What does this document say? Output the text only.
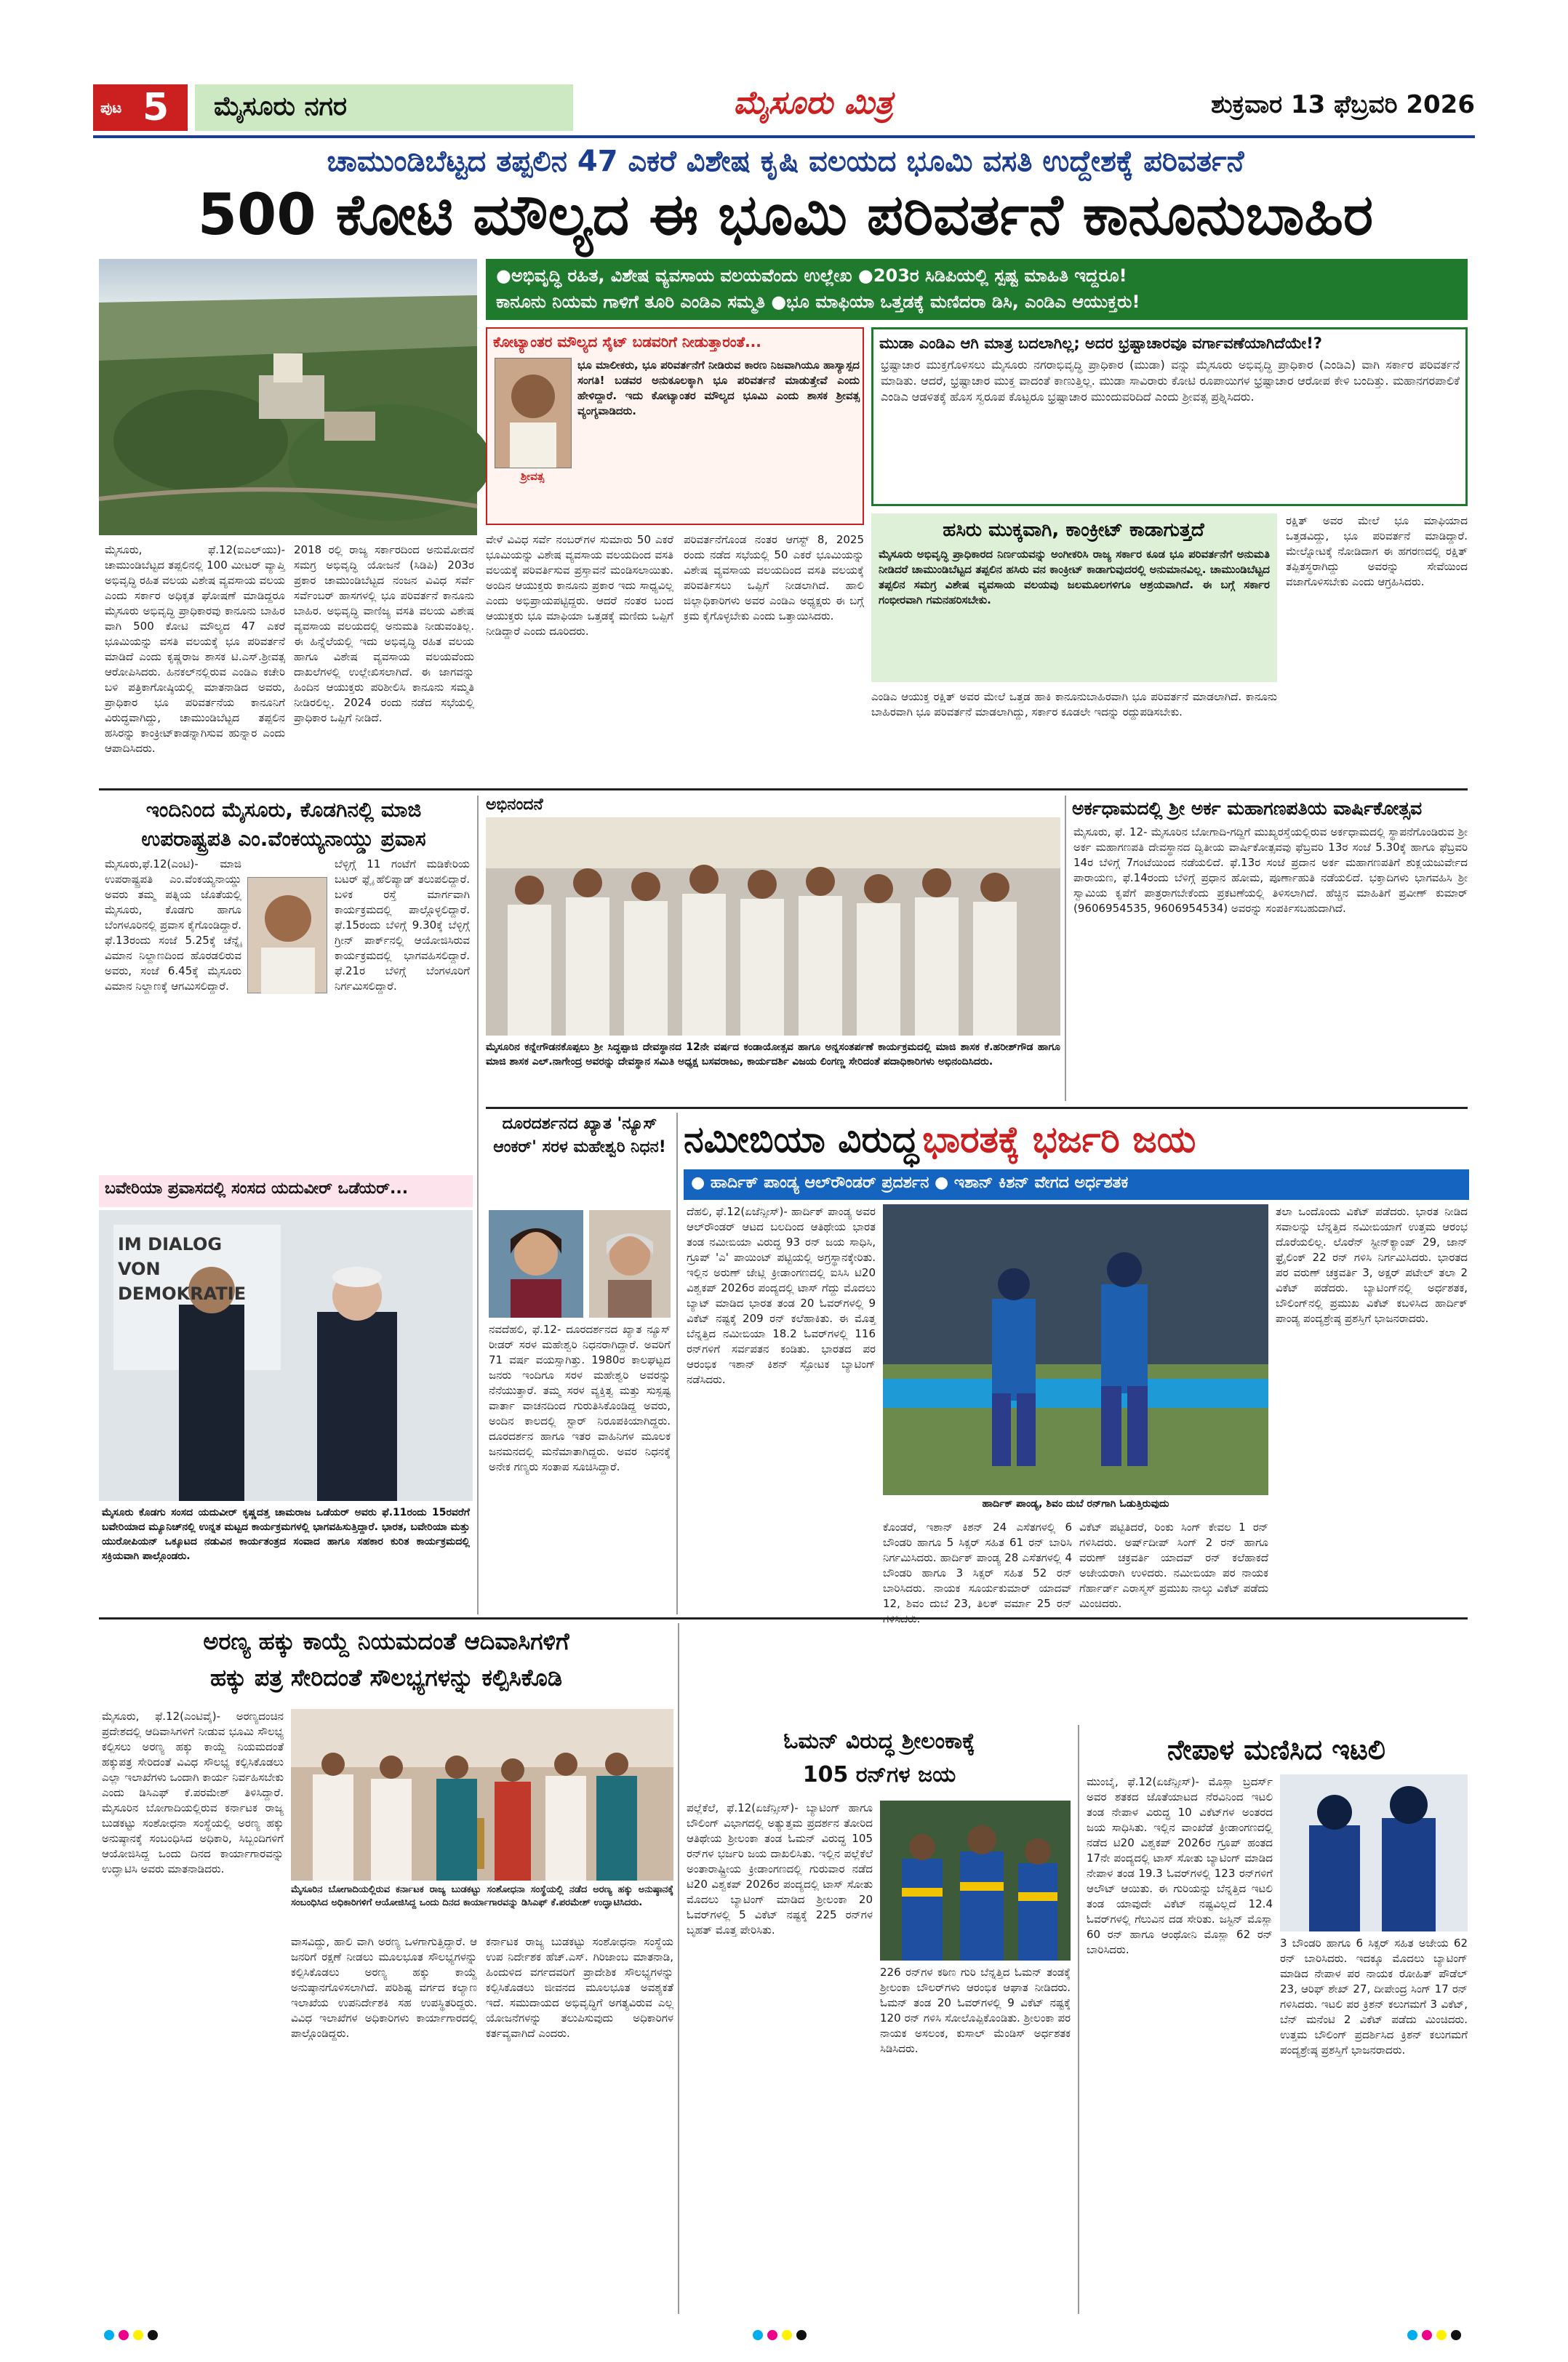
ಪುಟ 5 ಮೈಸೂರು ನಗರ	ಮೈಸೂರು ಮಿತ್ರ	ಶುಕ್ರವಾರ 13 ಫೆಬ್ರವರಿ 2026
ಚಾಮುಂಡಿಬೆಟ್ಟದ ತಪ್ಪಲಿನ 47 ಎಕರೆ ವಿಶೇಷ ಕೃಷಿ ವಲಯದ ಭೂಮಿ ವಸತಿ ಉದ್ದೇಶಕ್ಕೆ ಪರಿವರ್ತನೆ
500 ಕೋಟಿ ಮೌಲ್ಯದ ಈ ಭೂಮಿ ಪರಿವರ್ತನೆ ಕಾನೂನುಬಾಹಿರ
●ಅಭಿವೃದ್ಧಿ ರಹಿತ, ವಿಶೇಷ ವ್ಯವಸಾಯ ವಲಯವೆಂದು ಉಲ್ಲೇಖ ●203ರ ಸಿಡಿಪಿಯಲ್ಲಿ ಸ್ಪಷ್ಟ ಮಾಹಿತಿ ಇದ್ದರೂ!
ಕಾನೂನು ನಿಯಮ ಗಾಳಿಗೆ ತೂರಿ ಎಂಡಿಎ ಸಮ್ಮತಿ ●ಭೂ ಮಾಫಿಯಾ ಒತ್ತಡಕ್ಕೆ ಮಣಿದರಾ ಡಿಸಿ, ಎಂಡಿಎ ಆಯುಕ್ತರು!
ಕೋಟ್ಯಾಂತರ ಮೌಲ್ಯದ ಸೈಟ್ ಬಡವರಿಗೆ ನೀಡುತ್ತಾರಂತೆ...
ಶ್ರೀವತ್ಸ
ಭೂ ಮಾಲೀಕರು, ಭೂ ಪರಿವರ್ತನೆಗೆ ನೀಡಿರುವ ಕಾರಣ ನಿಜವಾಗಿಯೂ ಹಾಸ್ಯಾಸ್ಪದ ಸಂಗತಿ! ಬಡವರ ಅನುಕೂಲಕ್ಕಾಗಿ ಭೂ ಪರಿವರ್ತನೆ ಮಾಡುತ್ತೇವೆ ಎಂದು ಹೇಳಿದ್ದಾರೆ. ಇದು ಕೋಟ್ಯಾಂತರ ಮೌಲ್ಯದ ಭೂಮಿ ಎಂದು ಶಾಸಕ ಶ್ರೀವತ್ಸ ವ್ಯಂಗ್ಯವಾಡಿದರು.
ಮುಡಾ ಎಂಡಿಎ ಆಗಿ ಮಾತ್ರ ಬದಲಾಗಿಲ್ಲ; ಅದರ ಭ್ರಷ್ಟಾಚಾರವೂ ವರ್ಗಾವಣೆಯಾಗಿದೆಯೇ!?
ಭ್ರಷ್ಟಾಚಾರ ಮುಕ್ತಗೊಳಿಸಲು ಮೈಸೂರು ನಗರಾಭಿವೃದ್ಧಿ ಪ್ರಾಧಿಕಾರ (ಮುಡಾ) ವನ್ನು ಮೈಸೂರು ಅಭಿವೃದ್ಧಿ ಪ್ರಾಧಿಕಾರ (ಎಂಡಿಎ) ವಾಗಿ ಸರ್ಕಾರ ಪರಿವರ್ತನೆ ಮಾಡಿತು. ಆದರೆ, ಭ್ರಷ್ಟಾಚಾರ ಮುಕ್ತ ವಾದಂತೆ ಕಾಣುತ್ತಿಲ್ಲ. ಮುಡಾ ಸಾವಿರಾರು ಕೋಟಿ ರೂಪಾಯಿಗಳ ಭ್ರಷ್ಟಾಚಾರ ಆರೋಪ ಕೇಳಿ ಬಂದಿತ್ತು. ಮಹಾನಗರಪಾಲಿಕೆ ಎಂಡಿಎ ಆಡಳಿತಕ್ಕೆ ಹೊಸ ಸ್ವರೂಪ ಕೊಟ್ಟರೂ ಭ್ರಷ್ಟಾಚಾರ ಮುಂದುವರಿದಿದೆ ಎಂದು ಶ್ರೀವತ್ಸ ಪ್ರಶ್ನಿಸಿದರು.
ಮೈಸೂರು, ಫೆ.12(ಐಎಲ್‌ಯು)- ಚಾಮುಂಡಿಬೆಟ್ಟದ ತಪ್ಪಲಿನಲ್ಲಿ 100 ಮೀಟರ್ ವ್ಯಾಪ್ತಿ ಅಭಿವೃದ್ಧಿ ರಹಿತ ವಲಯ ವಿಶೇಷ ವ್ಯವಸಾಯ ವಲಯ ಎಂದು ಸರ್ಕಾರ ಅಧಿಕೃತ ಘೋಷಣೆ ಮಾಡಿದ್ದರೂ ಮೈಸೂರು ಅಭಿವೃದ್ಧಿ ಪ್ರಾಧಿಕಾರವು ಕಾನೂನು ಬಾಹಿರ ವಾಗಿ 500 ಕೋಟಿ ಮೌಲ್ಯದ 47 ಎಕರೆ ಭೂಮಿಯನ್ನು ವಸತಿ ವಲಯಕ್ಕೆ ಭೂ ಪರಿವರ್ತನೆ ಮಾಡಿದೆ ಎಂದು ಕೃಷ್ಣರಾಜ ಶಾಸಕ ಟಿ.ಎಸ್.ಶ್ರೀವತ್ಸ ಆರೋಪಿಸಿದರು. ಹಿನಕಲ್‌ನಲ್ಲಿರುವ ಎಂಡಿಎ ಕಚೇರಿ ಬಳಿ ಪತ್ರಿಕಾಗೋಷ್ಠಿಯಲ್ಲಿ ಮಾತನಾಡಿದ ಅವರು, ಪ್ರಾಧಿಕಾರ ಭೂ ಪರಿವರ್ತನೆಯ ಕಾನೂನಿಗೆ ವಿರುದ್ಧವಾಗಿದ್ದು, ಚಾಮುಂಡಿಬೆಟ್ಟದ ತಪ್ಪಲಿನ ಹಸಿರನ್ನು ಕಾಂಕ್ರೀಟ್‌ಕಾಡನ್ನಾಗಿಸುವ ಹುನ್ನಾರ ಎಂದು ಆಪಾದಿಸಿದರು.
2018 ರಲ್ಲಿ ರಾಜ್ಯ ಸರ್ಕಾರದಿಂದ ಅನುಮೋದನೆ ಸಮಗ್ರ ಅಭಿವೃದ್ಧಿ ಯೋಜನೆ (ಸಿಡಿಪಿ) 203ರ ಪ್ರಕಾರ ಚಾಮುಂಡಿಬೆಟ್ಟದ ನಂಜನ ವಿವಿಧ ಸರ್ವೆ ಸರ್ವೆಂಬರ್ ಹಾಸಗಳಲ್ಲಿ ಭೂ ಪರಿವರ್ತನೆ ಕಾನೂನು ಬಾಹಿರ. ಅಭಿವೃದ್ಧಿ ವಾಣಿಜ್ಯ ವಸತಿ ವಲಯ ವಿಶೇಷ ವ್ಯವಸಾಯ ವಲಯದಲ್ಲಿ ಅನುಮತಿ ನೀಡುವಂತಿಲ್ಲ. ಈ ಹಿನ್ನೆಲೆಯಲ್ಲಿ ಇದು ಅಭಿವೃದ್ಧಿ ರಹಿತ ವಲಯ ಹಾಗೂ ವಿಶೇಷ ವ್ಯವಸಾಯ ವಲಯವೆಂದು ದಾಖಲೆಗಳಲ್ಲಿ ಉಲ್ಲೇಖಿಸಲಾಗಿದೆ. ಈ ಜಾಗವನ್ನು ಹಿಂದಿನ ಆಯುಕ್ತರು ಪರಿಶೀಲಿಸಿ ಕಾನೂನು ಸಮ್ಮತಿ ನೀಡಿರಲಿಲ್ಲ. 2024 ರಂದು ನಡೆದ ಸಭೆಯಲ್ಲಿ ಪ್ರಾಧಿಕಾರ ಒಪ್ಪಿಗೆ ನೀಡಿದೆ.
ವೇಳೆ ವಿವಿಧ ಸರ್ವೆ ನಂಬರ್‌ಗಳ ಸುಮಾರು 50 ಎಕರೆ ಭೂಮಿಯನ್ನು ವಿಶೇಷ ವ್ಯವಸಾಯ ವಲಯದಿಂದ ವಸತಿ ವಲಯಕ್ಕೆ ಪರಿವರ್ತಿಸುವ ಪ್ರಸ್ತಾವನೆ ಮಂಡಿಸಲಾಯಿತು. ಅಂದಿನ ಆಯುಕ್ತರು ಕಾನೂನು ಪ್ರಕಾರ ಇದು ಸಾಧ್ಯವಿಲ್ಲ ಎಂದು ಅಭಿಪ್ರಾಯಪಟ್ಟಿದ್ದರು. ಆದರೆ ನಂತರ ಬಂದ ಆಯುಕ್ತರು ಭೂ ಮಾಫಿಯಾ ಒತ್ತಡಕ್ಕೆ ಮಣಿದು ಒಪ್ಪಿಗೆ ನೀಡಿದ್ದಾರೆ ಎಂದು ದೂರಿದರು.
ಪರಿವರ್ತನೆಗೊಂಡ ನಂತರ ಆಗಸ್ಟ್ 8, 2025 ರಂದು ನಡೆದ ಸಭೆಯಲ್ಲಿ 50 ಎಕರೆ ಭೂಮಿಯನ್ನು ವಿಶೇಷ ವ್ಯವಸಾಯ ವಲಯದಿಂದ ವಸತಿ ವಲಯಕ್ಕೆ ಪರಿವರ್ತಿಸಲು ಒಪ್ಪಿಗೆ ನೀಡಲಾಗಿದೆ. ಹಾಲಿ ಜಿಲ್ಲಾಧಿಕಾರಿಗಳು ಅವರ ಎಂಡಿಎ ಅಧ್ಯಕ್ಷರು ಈ ಬಗ್ಗೆ ಕ್ರಮ ಕೈಗೊಳ್ಳಬೇಕು ಎಂದು ಒತ್ತಾಯಿಸಿದರು.
ಹಸಿರು ಮುಕ್ಕವಾಗಿ, ಕಾಂಕ್ರೀಟ್ ಕಾಡಾಗುತ್ತದೆ
ಮೈಸೂರು ಅಭಿವೃದ್ಧಿ ಪ್ರಾಧಿಕಾರದ ನಿರ್ಣಯವನ್ನು ಅಂಗೀಕರಿಸಿ ರಾಜ್ಯ ಸರ್ಕಾರ ಕೂಡ ಭೂ ಪರಿವರ್ತನೆಗೆ ಅನುಮತಿ ನೀಡಿದರೆ ಚಾಮುಂಡಿಬೆಟ್ಟದ ತಪ್ಪಲಿನ ಹಸಿರು ವನ ಕಾಂಕ್ರೀಟ್ ಕಾಡಾಗುವುದರಲ್ಲಿ ಅನುಮಾನವಿಲ್ಲ. ಚಾಮುಂಡಿಬೆಟ್ಟದ ತಪ್ಪಲಿನ ಸಮಗ್ರ ವಿಶೇಷ ವ್ಯವಸಾಯ ವಲಯವು ಜಲಮೂಲಗಳಿಗೂ ಆಶ್ರಯವಾಗಿದೆ. ಈ ಬಗ್ಗೆ ಸರ್ಕಾರ ಗಂಭೀರವಾಗಿ ಗಮನಹರಿಸಬೇಕು.
ರಕ್ಷಿತ್ ಅವರ ಮೇಲೆ ಭೂ ಮಾಫಿಯಾದ ಒತ್ತಡವಿದ್ದು, ಭೂ ಪರಿವರ್ತನೆ ಮಾಡಿದ್ದಾರೆ. ಮೇಲ್ನೋಟಕ್ಕೆ ನೋಡಿದಾಗ ಈ ಹಗರಣದಲ್ಲಿ ರಕ್ಷಿತ್ ತಪ್ಪಿತಸ್ಥರಾಗಿದ್ದು ಅವರನ್ನು ಸೇವೆಯಿಂದ ವಜಾಗೊಳಿಸಬೇಕು ಎಂದು ಆಗ್ರಹಿಸಿದರು.
ಎಂಡಿಎ ಆಯುಕ್ತ ರಕ್ಷಿತ್ ಅವರ ಮೇಲೆ ಒತ್ತಡ ಹಾಕಿ ಕಾನೂನುಬಾಹಿರವಾಗಿ ಭೂ ಪರಿವರ್ತನೆ ಮಾಡಲಾಗಿದೆ. ಕಾನೂನು ಬಾಹಿರವಾಗಿ ಭೂ ಪರಿವರ್ತನೆ ಮಾಡಲಾಗಿದ್ದು, ಸರ್ಕಾರ ಕೂಡಲೇ ಇದನ್ನು ರದ್ದುಪಡಿಸಬೇಕು.
ಇಂದಿನಿಂದ ಮೈಸೂರು, ಕೊಡಗಿನಲ್ಲಿ ಮಾಜಿ ಉಪರಾಷ್ಟ್ರಪತಿ ಎಂ.ವೆಂಕಯ್ಯನಾಯ್ಡು ಪ್ರವಾಸ
ಮೈಸೂರು,ಫೆ.12(ಎಂಟಿ)- ಮಾಜಿ ಉಪರಾಷ್ಟ್ರಪತಿ ಎಂ.ವೆಂಕಯ್ಯನಾಯ್ಡು ಅವರು ತಮ್ಮ ಪತ್ನಿಯ ಜೊತೆಯಲ್ಲಿ ಮೈಸೂರು, ಕೊಡಗು ಹಾಗೂ ಬೆಂಗಳೂರಿನಲ್ಲಿ ಪ್ರವಾಸ ಕೈಗೊಂಡಿದ್ದಾರೆ. ಫೆ.13ರಂದು ಸಂಜೆ 5.25ಕ್ಕೆ ಚೆನ್ನೈ ವಿಮಾನ ನಿಲ್ದಾಣದಿಂದ ಹೊರಡಲಿರುವ ಅವರು, ಸಂಜೆ 6.45ಕ್ಕೆ ಮೈಸೂರು ವಿಮಾನ ನಿಲ್ದಾಣಕ್ಕೆ ಆಗಮಿಸಲಿದ್ದಾರೆ.
ಬೆಳ್ಳಿಗ್ಗೆ 11 ಗಂಟೆಗೆ ಮಡಿಕೇರಿಯ ಬಟರ್ ಫ್ಲೈ ಹೆಲಿಪ್ಯಾಡ್ ತಲುಪಲಿದ್ದಾರೆ. ಬಳಿಕ ರಸ್ತೆ ಮಾರ್ಗವಾಗಿ ಕಾರ್ಯಕ್ರಮದಲ್ಲಿ ಪಾಲ್ಗೊಳ್ಳಲಿದ್ದಾರೆ. ಫೆ.15ರಂದು ಬೆಳಿಗ್ಗೆ 9.30ಕ್ಕೆ ಬೆಳ್ಳಿಗ್ಗೆ ಗ್ರೀನ್ ಪಾರ್ಕ್‌ನಲ್ಲಿ ಆಯೋಜಿಸಿರುವ ಕಾರ್ಯಕ್ರಮದಲ್ಲಿ ಭಾಗವಹಿಸಲಿದ್ದಾರೆ. ಫೆ.21ರ ಬೆಳಿಗ್ಗೆ ಬೆಂಗಳೂರಿಗೆ ನಿರ್ಗಮಿಸಲಿದ್ದಾರೆ.
ಬವೇರಿಯಾ ಪ್ರವಾಸದಲ್ಲಿ ಸಂಸದ ಯದುವೀರ್ ಒಡೆಯರ್...
IM DIALOG VON DEMOKRATIE
ಮೈಸೂರು ಕೊಡಗು ಸಂಸದ ಯದುವೀರ್ ಕೃಷ್ಣದತ್ತ ಚಾಮರಾಜ ಒಡೆಯರ್ ಅವರು ಫೆ.11ರಂದು 15ರವರೆಗೆ ಬವೇರಿಯಾದ ಮ್ಯೂನಿಚ್‌ನಲ್ಲಿ ಉನ್ನತ ಮಟ್ಟದ ಕಾರ್ಯಕ್ರಮಗಳಲ್ಲಿ ಭಾಗವಹಿಸುತ್ತಿದ್ದಾರೆ. ಭಾರತ, ಬವೇರಿಯಾ ಮತ್ತು ಯುರೋಪಿಯನ್ ಒಕ್ಕೂಟದ ನಡುವಿನ ಕಾರ್ಯತಂತ್ರದ ಸಂವಾದ ಹಾಗೂ ಸಹಕಾರ ಕುರಿತ ಕಾರ್ಯಕ್ರಮದಲ್ಲಿ ಸಕ್ರಿಯವಾಗಿ ಪಾಲ್ಗೊಂಡರು.
ಅಭಿನಂದನೆ
ಮೈಸೂರಿನ ಕನ್ನೇಗೌಡನಕೊಪ್ಪಲು ಶ್ರೀ ಸಿದ್ಧಪ್ಪಾಜಿ ದೇವಸ್ಥಾನದ 12ನೇ ವರ್ಷದ ಕಂಡಾಯೋತ್ಸವ ಹಾಗೂ ಅನ್ನಸಂತರ್ಪಣೆ ಕಾರ್ಯಕ್ರಮದಲ್ಲಿ ಮಾಜಿ ಶಾಸಕ ಕೆ.ಹರೀಶ್‌ಗೌಡ ಹಾಗೂ ಮಾಜಿ ಶಾಸಕ ಎಲ್.ನಾಗೇಂದ್ರ ಅವರನ್ನು ದೇವಸ್ಥಾನ ಸಮಿತಿ ಅಧ್ಯಕ್ಷ ಬಸವರಾಜು, ಕಾರ್ಯದರ್ಶಿ ವಿಜಯ ಲಿಂಗಣ್ಣ ಸೇರಿದಂತೆ ಪದಾಧಿಕಾರಿಗಳು ಅಭಿನಂದಿಸಿದರು.
ಅರ್ಕಧಾಮದಲ್ಲಿ ಶ್ರೀ ಅರ್ಕ ಮಹಾಗಣಪತಿಯ ವಾರ್ಷಿಕೋತ್ಸವ
ಮೈಸೂರು, ಫೆ. 12- ಮೈಸೂರಿನ ಬೋಗಾದಿ-ಗದ್ದಿಗೆ ಮುಖ್ಯರಸ್ತೆಯಲ್ಲಿರುವ ಅರ್ಕಧಾಮದಲ್ಲಿ ಸ್ಥಾಪನೆಗೊಂಡಿರುವ ಶ್ರೀ ಅರ್ಕ ಮಹಾಗಣಪತಿ ದೇವಸ್ಥಾನದ ದ್ವಿತೀಯ ವಾರ್ಷಿಕೋತ್ಸವವು ಫೆಬ್ರವರಿ 13ರ ಸಂಜೆ 5.30ಕ್ಕೆ ಹಾಗೂ ಫೆಬ್ರವರಿ 14ರ ಬೆಳಿಗ್ಗೆ 7ಗಂಟೆಯಿಂದ ನಡೆಯಲಿದೆ. ಫೆ.13ರ ಸಂಜೆ ಪ್ರದಾನ ಅರ್ಕ ಮಹಾಗಣಪತಿಗೆ ಶುಕ್ಲಯಜುರ್ವೇದ ಪಾರಾಯಣ, ಫೆ.14ರಂದು ಬೆಳಿಗ್ಗೆ ಪ್ರಧಾನ ಹೋಮ, ಪೂರ್ಣಾಹುತಿ ನಡೆಯಲಿದೆ. ಭಕ್ತಾದಿಗಳು ಭಾಗವಹಿಸಿ ಶ್ರೀ ಸ್ವಾಮಿಯ ಕೃಪೆಗೆ ಪಾತ್ರರಾಗಬೇಕೆಂದು ಪ್ರಕಟಣೆಯಲ್ಲಿ ತಿಳಿಸಲಾಗಿದೆ. ಹೆಚ್ಚಿನ ಮಾಹಿತಿಗೆ ಪ್ರವೀಣ್ ಕುಮಾರ್ (9606954535, 9606954534) ಅವರನ್ನು ಸಂಪರ್ಕಿಸಬಹುದಾಗಿದೆ.
ದೂರದರ್ಶನದ ಖ್ಯಾತ 'ನ್ಯೂಸ್ ಆಂಕರ್' ಸರಳ ಮಹೇಶ್ವರಿ ನಿಧನ!
ನವದೆಹಲಿ, ಫೆ.12- ದೂರದರ್ಶನದ ಖ್ಯಾತ ನ್ಯೂಸ್ ರೀಡರ್ ಸರಳ ಮಹೇಶ್ವರಿ ನಿಧನರಾಗಿದ್ದಾರೆ. ಅವರಿಗೆ 71 ವರ್ಷ ವಯಸ್ಸಾಗಿತ್ತು. 1980ರ ಕಾಲಘಟ್ಟದ ಜನರು ಇಂದಿಗೂ ಸರಳ ಮಹೇಶ್ವರಿ ಅವರನ್ನು ನೆನೆಯುತ್ತಾರೆ. ತಮ್ಮ ಸರಳ ವ್ಯಕ್ತಿತ್ವ ಮತ್ತು ಸುಸ್ಪಷ್ಟ ವಾರ್ತಾ ವಾಚನದಿಂದ ಗುರುತಿಸಿಕೊಂಡಿದ್ದ ಅವರು, ಅಂದಿನ ಕಾಲದಲ್ಲಿ ಸ್ಟಾರ್ ನಿರೂಪಕಿಯಾಗಿದ್ದರು. ದೂರದರ್ಶನ ಹಾಗೂ ಇತರ ವಾಹಿನಿಗಳ ಮೂಲಕ ಜನಮನದಲ್ಲಿ ಮನೆಮಾತಾಗಿದ್ದರು. ಅವರ ನಿಧನಕ್ಕೆ ಅನೇಕ ಗಣ್ಯರು ಸಂತಾಪ ಸೂಚಿಸಿದ್ದಾರೆ.
ನಮೀಬಿಯಾ ವಿರುದ್ಧ ಭಾರತಕ್ಕೆ ಭರ್ಜರಿ ಜಯ
● ಹಾರ್ದಿಕ್ ಪಾಂಡ್ಯ ಆಲ್‌ರೌಂಡರ್ ಪ್ರದರ್ಶನ ● ಇಶಾನ್ ಕಿಶನ್ ವೇಗದ ಅರ್ಧಶತಕ
ದೆಹಲಿ, ಫೆ.12(ಏಜೆನ್ಸೀಸ್)- ಹಾರ್ದಿಕ್ ಪಾಂಡ್ಯ ಅವರ ಆಲ್‌ರೌಂಡರ್ ಆಟದ ಬಲದಿಂದ ಆತಿಥೇಯ ಭಾರತ ತಂಡ ನಮೀಬಿಯಾ ವಿರುದ್ಧ 93 ರನ್ ಜಯ ಸಾಧಿಸಿ, ಗ್ರೂಪ್ 'ಎ' ಪಾಯಿಂಟ್ ಪಟ್ಟಿಯಲ್ಲಿ ಅಗ್ರಸ್ಥಾನಕ್ಕೇರಿತು. ಇಲ್ಲಿನ ಅರುಣ್ ಜೇಟ್ಲಿ ಕ್ರೀಡಾಂಗಣದಲ್ಲಿ ಐಸಿಸಿ ಟಿ20 ವಿಶ್ವಕಪ್ 2026ರ ಪಂದ್ಯದಲ್ಲಿ ಟಾಸ್ ಗೆದ್ದು ಮೊದಲು ಬ್ಯಾಟ್ ಮಾಡಿದ ಭಾರತ ತಂಡ 20 ಓವರ್‌ಗಳಲ್ಲಿ 9 ವಿಕೆಟ್ ನಷ್ಟಕ್ಕೆ 209 ರನ್ ಕಲೆಹಾಕಿತು. ಈ ಮೊತ್ತ ಬೆನ್ನತ್ತಿದ ನಮೀಬಿಯಾ 18.2 ಓವರ್‌ಗಳಲ್ಲಿ 116 ರನ್‌ಗಳಿಗೆ ಸರ್ವಪತನ ಕಂಡಿತು. ಭಾರತದ ಪರ ಆರಂಭಿಕ ಇಶಾನ್ ಕಿಶನ್ ಸ್ಫೋಟಕ ಬ್ಯಾಟಿಂಗ್ ನಡೆಸಿದರು.
ಹಾರ್ದಿಕ್ ಪಾಂಡ್ಯ, ಶಿವಂ ದುಬೆ ರನ್‌ಗಾಗಿ ಓಡುತ್ತಿರುವುದು
ಕೊಂಡರೆ, ಇಶಾನ್ ಕಿಶನ್ 24 ಎಸೆತಗಳಲ್ಲಿ 6 ಬೌಂಡರಿ ಹಾಗೂ 5 ಸಿಕ್ಸರ್ ಸಹಿತ 61 ರನ್ ಬಾರಿಸಿ ನಿರ್ಗಮಿಸಿದರು. ಹಾರ್ದಿಕ್ ಪಾಂಡ್ಯ 28 ಎಸೆತಗಳಲ್ಲಿ 4 ಬೌಂಡರಿ ಹಾಗೂ 3 ಸಿಕ್ಸರ್ ಸಹಿತ 52 ರನ್ ಬಾರಿಸಿದರು. ನಾಯಕ ಸೂರ್ಯಕುಮಾರ್ ಯಾದವ್ 12, ಶಿವಂ ದುಬೆ 23, ತಿಲಕ್ ವರ್ಮಾ 25 ರನ್
ವಿಕೆಟ್ ಪಟ್ಟಿತಿದರೆ, ರಿಂಕು ಸಿಂಗ್ ಕೇವಲ 1 ರನ್ ಗಳಿಸಿದರು. ಅರ್ಷ್‌ದೀಪ್ ಸಿಂಗ್ 2 ರನ್ ಹಾಗೂ ವರುಣ್ ಚಕ್ರವರ್ತಿ ಯಾದವ್ ರನ್ ಕಲೆಹಾಕದೆ ಅಜೇಯರಾಗಿ ಉಳಿದರು. ನಮೀಬಿಯಾ ಪರ ನಾಯಕ ಗೆರ್ಹಾರ್ಡ್ ಎರಾಸ್ಮಸ್ ಪ್ರಮುಖ ನಾಲ್ಕು ವಿಕೆಟ್ ಪಡೆದು ಮಿಂಚಿದರು.
ತಲಾ ಒಂದೊಂದು ವಿಕೆಟ್ ಪಡೆದರು. ಭಾರತ ನೀಡಿದ ಸವಾಲನ್ನು ಬೆನ್ನತ್ತಿದ ನಮೀಬಿಯಾಗೆ ಉತ್ತಮ ಆರಂಭ ದೊರೆಯಲಿಲ್ಲ. ಲೊರೆನ್ ಸ್ಟೀನ್‌ಕ್ಯಾಂಪ್ 29, ಜಾನ್ ಫ್ರೈಲಿಂಕ್ 22 ರನ್ ಗಳಿಸಿ ನಿರ್ಗಮಿಸಿದರು. ಭಾರತದ ಪರ ವರುಣ್ ಚಕ್ರವರ್ತಿ 3, ಅಕ್ಷರ್ ಪಟೇಲ್ ತಲಾ 2 ವಿಕೆಟ್ ಪಡೆದರು. ಬ್ಯಾಟಿಂಗ್‌ನಲ್ಲಿ ಅರ್ಧಶತಕ, ಬೌಲಿಂಗ್‌ನಲ್ಲಿ ಪ್ರಮುಖ ವಿಕೆಟ್ ಕಬಳಿಸಿದ ಹಾರ್ದಿಕ್ ಪಾಂಡ್ಯ ಪಂದ್ಯಶ್ರೇಷ್ಠ ಪ್ರಶಸ್ತಿಗೆ ಭಾಜನರಾದರು.
ಅರಣ್ಯ ಹಕ್ಕು ಕಾಯ್ದೆ ನಿಯಮದಂತೆ ಆದಿವಾಸಿಗಳಿಗೆ
ಹಕ್ಕು ಪತ್ರ ಸೇರಿದಂತೆ ಸೌಲಭ್ಯಗಳನ್ನು ಕಲ್ಪಿಸಿಕೊಡಿ
ಮೈಸೂರು, ಫೆ.12(ಎಂಟಿವೈ)- ಅರಣ್ಯದಂಚಿನ ಪ್ರದೇಶದಲ್ಲಿ ಆದಿವಾಸಿಗಳಿಗೆ ನೀಡುವ ಭೂಮಿ ಸೌಲಭ್ಯ ಕಲ್ಪಿಸಲು ಅರಣ್ಯ ಹಕ್ಕು ಕಾಯ್ದೆ ನಿಯಮದಂತೆ ಹಕ್ಕುಪತ್ರ ಸೇರಿದಂತೆ ವಿವಿಧ ಸೌಲಭ್ಯ ಕಲ್ಪಿಸಿಕೊಡಲು ಎಲ್ಲಾ ಇಲಾಖೆಗಳು ಒಂದಾಗಿ ಕಾರ್ಯ ನಿರ್ವಹಿಸಬೇಕು ಎಂದು ಡಿಸಿಎಫ್ ಕೆ.ಪರಮೇಶ್ ತಿಳಿಸಿದ್ದಾರೆ. ಮೈಸೂರಿನ ಬೋಗಾದಿಯಲ್ಲಿರುವ ಕರ್ನಾಟಕ ರಾಜ್ಯ ಬುಡಕಟ್ಟು ಸಂಶೋಧನಾ ಸಂಸ್ಥೆಯಲ್ಲಿ ಅರಣ್ಯ ಹಕ್ಕು ಅನುಷ್ಠಾನಕ್ಕೆ ಸಂಬಂಧಿಸಿದ ಅಧಿಕಾರಿ, ಸಿಬ್ಬಂದಿಗಳಿಗೆ ಆಯೋಜಿಸಿದ್ದ ಒಂದು ದಿನದ ಕಾರ್ಯಾಗಾರವನ್ನು ಉದ್ಘಾಟಿಸಿ ಅವರು ಮಾತನಾಡಿದರು.
ಮೈಸೂರಿನ ಬೋಗಾದಿಯಲ್ಲಿರುವ ಕರ್ನಾಟಕ ರಾಜ್ಯ ಬುಡಕಟ್ಟು ಸಂಶೋಧನಾ ಸಂಸ್ಥೆಯಲ್ಲಿ ನಡೆದ ಅರಣ್ಯ ಹಕ್ಕು ಅನುಷ್ಠಾನಕ್ಕೆ ಸಂಬಂಧಿಸಿದ ಅಧಿಕಾರಿಗಳಿಗೆ ಆಯೋಜಿಸಿದ್ದ ಒಂದು ದಿನದ ಕಾರ್ಯಾಗಾರವನ್ನು ಡಿಸಿಎಫ್ ಕೆ.ಪರಮೇಶ್ ಉದ್ಘಾಟಿಸಿದರು.
ವಾಸವಿದ್ದು, ಹಾಲಿ ವಾಗಿ ಅರಣ್ಯ ಒಳಗಾಗುತ್ತಿದ್ದಾರೆ. ಆ ಜನರಿಗೆ ರಕ್ಷಣೆ ನೀಡಲು ಮೂಲಭೂತ ಸೌಲಭ್ಯಗಳನ್ನು ಕಲ್ಪಿಸಿಕೊಡಲು ಅರಣ್ಯ ಹಕ್ಕು ಕಾಯ್ದೆ ಅನುಷ್ಠಾನಗೊಳಿಸಲಾಗಿದೆ. ಪರಿಶಿಷ್ಟ ವರ್ಗದ ಕಲ್ಯಾಣ ಇಲಾಖೆಯ ಉಪನಿರ್ದೇಶಕಿ ಸಹ ಉಪಸ್ಥಿತರಿದ್ದರು. ವಿವಿಧ ಇಲಾಖೆಗಳ ಅಧಿಕಾರಿಗಳು ಕಾರ್ಯಾಗಾರದಲ್ಲಿ ಪಾಲ್ಗೊಂಡಿದ್ದರು.
ಕರ್ನಾಟಕ ರಾಜ್ಯ ಬುಡಕಟ್ಟು ಸಂಶೋಧನಾ ಸಂಸ್ಥೆಯ ಉಪ ನಿರ್ದೇಶಕ ಹೆಚ್.ಎಸ್. ಗಿರಿಜಾಂಬ ಮಾತನಾಡಿ, ಹಿಂದುಳಿದ ವರ್ಗದವರಿಗೆ ಪ್ರಾದೇಶಿಕ ಸೌಲಭ್ಯಗಳನ್ನು ಕಲ್ಪಿಸಿಕೊಡಲು ಜೀವನದ ಮೂಲಭೂತ ಅವಶ್ಯಕತೆ ಇದೆ. ಸಮುದಾಯದ ಅಭಿವೃದ್ಧಿಗೆ ಅಗತ್ಯವಿರುವ ಎಲ್ಲ ಯೋಜನೆಗಳನ್ನು ತಲುಪಿಸುವುದು ಅಧಿಕಾರಿಗಳ ಕರ್ತವ್ಯವಾಗಿದೆ ಎಂದರು.
ಓಮನ್ ವಿರುದ್ಧ ಶ್ರೀಲಂಕಾಕ್ಕೆ
105 ರನ್‌ಗಳ ಜಯ
ಪಲ್ಲೆಕೆಲೆ, ಫೆ.12(ಏಜೆನ್ಸೀಸ್)- ಬ್ಯಾಟಿಂಗ್ ಹಾಗೂ ಬೌಲಿಂಗ್ ವಿಭಾಗದಲ್ಲಿ ಅತ್ಯುತ್ತಮ ಪ್ರದರ್ಶನ ತೋರಿದ ಆತಿಥೇಯ ಶ್ರೀಲಂಕಾ ತಂಡ ಓಮನ್ ವಿರುದ್ಧ 105 ರನ್‌ಗಳ ಭರ್ಜರಿ ಜಯ ದಾಖಲಿಸಿತು. ಇಲ್ಲಿನ ಪಲ್ಲೆಕೆಲೆ ಅಂತಾರಾಷ್ಟ್ರೀಯ ಕ್ರೀಡಾಂಗಣದಲ್ಲಿ ಗುರುವಾರ ನಡೆದ ಟಿ20 ವಿಶ್ವಕಪ್ 2026ರ ಪಂದ್ಯದಲ್ಲಿ ಟಾಸ್ ಸೋತು ಮೊದಲು ಬ್ಯಾಟಿಂಗ್ ಮಾಡಿದ ಶ್ರೀಲಂಕಾ 20 ಓವರ್‌ಗಳಲ್ಲಿ 5 ವಿಕೆಟ್ ನಷ್ಟಕ್ಕೆ 225 ರನ್‌ಗಳ ಬೃಹತ್ ಮೊತ್ತ ಪೇರಿಸಿತು.
226 ರನ್‌ಗಳ ಕಠಿಣ ಗುರಿ ಬೆನ್ನತ್ತಿದ ಓಮನ್ ತಂಡಕ್ಕೆ ಶ್ರೀಲಂಕಾ ಬೌಲರ್‌ಗಳು ಆರಂಭಿಕ ಆಘಾತ ನೀಡಿದರು. ಓಮನ್ ತಂಡ 20 ಓವರ್‌ಗಳಲ್ಲಿ 9 ವಿಕೆಟ್ ನಷ್ಟಕ್ಕೆ 120 ರನ್ ಗಳಿಸಿ ಸೋಲೊಪ್ಪಿಕೊಂಡಿತು. ಶ್ರೀಲಂಕಾ ಪರ ನಾಯಕ ಅಸಲಂಕ, ಕುಸಾಲ್ ಮೆಂಡಿಸ್ ಅರ್ಧಶತಕ ಸಿಡಿಸಿದರು.
ನೇಪಾಳ ಮಣಿಸಿದ ಇಟಲಿ
ಮುಂಬೈ, ಫೆ.12(ಏಜೆನ್ಸೀಸ್)- ಮೊಸ್ಲಾ ಬ್ರದರ್ಸ್ ಅವರ ಶತಕದ ಜೊತೆಯಾಟದ ನೆರವಿನಿಂದ ಇಟಲಿ ತಂಡ ನೇಪಾಳ ವಿರುದ್ಧ 10 ವಿಕೆಟ್‌ಗಳ ಅಂತರದ ಜಯ ಸಾಧಿಸಿತು. ಇಲ್ಲಿನ ವಾಂಖೆಡೆ ಕ್ರೀಡಾಂಗಣದಲ್ಲಿ ನಡೆದ ಟಿ20 ವಿಶ್ವಕಪ್ 2026ರ ಗ್ರೂಪ್ ಹಂತದ 17ನೇ ಪಂದ್ಯದಲ್ಲಿ ಟಾಸ್ ಸೋತು ಬ್ಯಾಟಿಂಗ್ ಮಾಡಿದ ನೇಪಾಳ ತಂಡ 19.3 ಓವರ್‌ಗಳಲ್ಲಿ 123 ರನ್‌ಗಳಿಗೆ ಆಲೌಟ್ ಆಯಿತು. ಈ ಗುರಿಯನ್ನು ಬೆನ್ನತ್ತಿದ ಇಟಲಿ ತಂಡ ಯಾವುದೇ ವಿಕೆಟ್ ನಷ್ಟವಿಲ್ಲದೆ 12.4 ಓವರ್‌ಗಳಲ್ಲಿ ಗೆಲುವಿನ ದಡ ಸೇರಿತು. ಜಸ್ಟಿನ್ ಮೊಸ್ಲಾ 60 ರನ್ ಹಾಗೂ ಆಂಥೋನಿ ಮೊಸ್ಲಾ 62 ರನ್ ಬಾರಿಸಿದರು.	3 ಬೌಂಡರಿ ಹಾಗೂ 6 ಸಿಕ್ಸರ್ ಸಹಿತ ಅಜೇಯ 62 ರನ್ ಬಾರಿಸಿದರು. ಇದಕ್ಕೂ ಮೊದಲು ಬ್ಯಾಟಿಂಗ್ ಮಾಡಿದ ನೇಪಾಳ ಪರ ನಾಯಕ ರೋಹಿತ್ ಪೌಡೆಲ್ 23, ಆರಿಫ್ ಶೇಖ್ 27, ದೀಪೇಂದ್ರ ಸಿಂಗ್ 17 ರನ್ ಗಳಿಸಿದರು. ಇಟಲಿ ಪರ ಕ್ರಿಶನ್ ಕಲುಗಮಗೆ 3 ವಿಕೆಟ್, ಬೆನ್ ಮನೆಂಟಿ 2 ವಿಕೆಟ್ ಪಡೆದು ಮಿಂಚಿದರು. ಉತ್ತಮ ಬೌಲಿಂಗ್ ಪ್ರದರ್ಶಿಸಿದ ಕ್ರಿಶನ್ ಕಲುಗಮಗೆ ಪಂದ್ಯಶ್ರೇಷ್ಠ ಪ್ರಶಸ್ತಿಗೆ ಭಾಜನರಾದರು.
